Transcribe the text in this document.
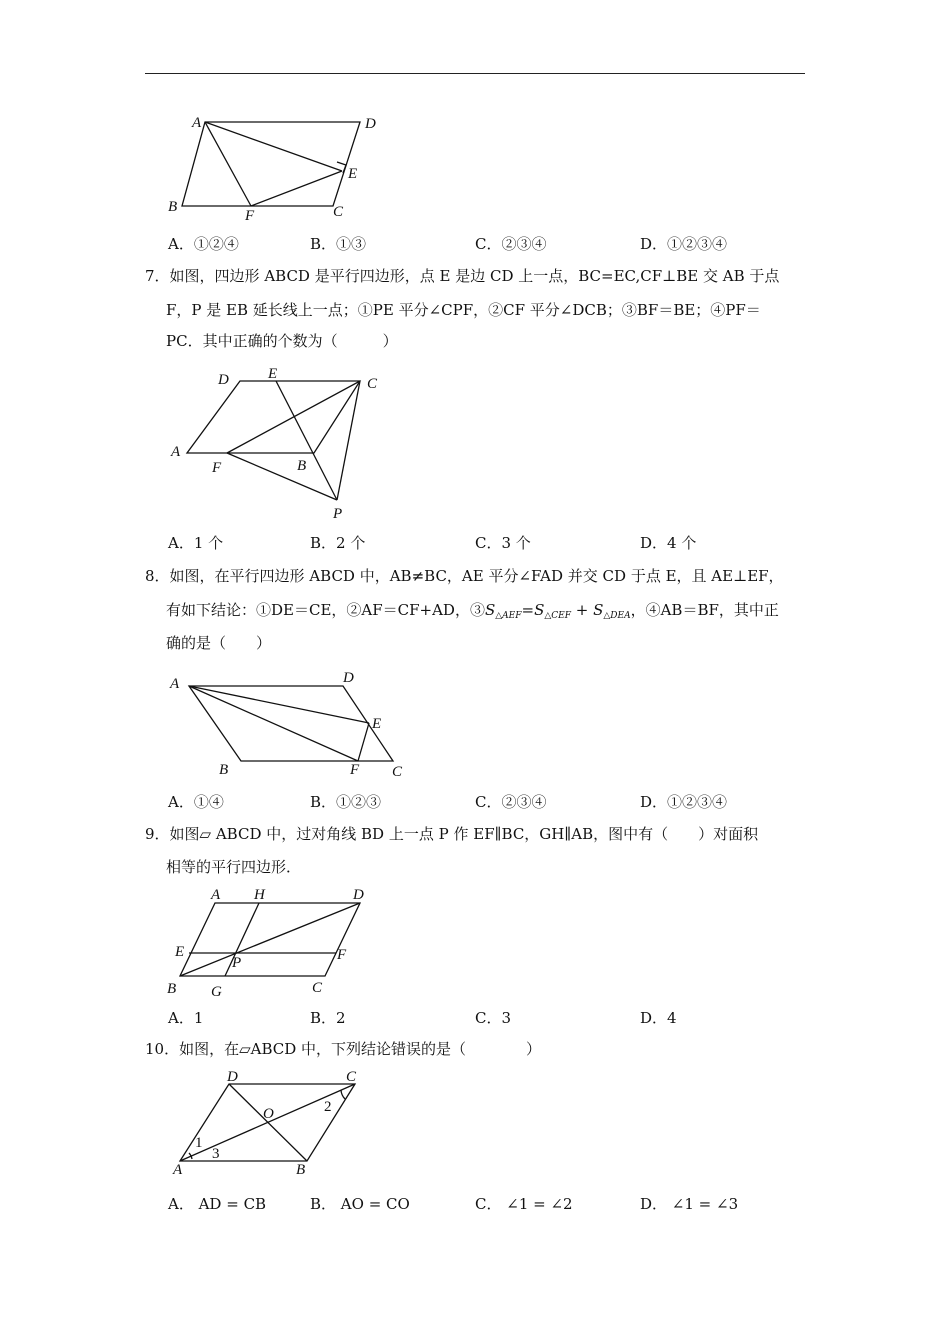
A	D
E
B
F	C
A．①②④	B．①③	C．②③④	D．①②③④
7．如图，四边形 ABCD 是平行四边形，点 E 是边 CD 上一点，BC=EC,CF⊥BE 交 AB 于点
F，P 是 EB 延长线上一点；①PE 平分∠CPF，②CF 平分∠DCB；③BF＝BE；④PF＝
PC．其中正确的个数为（　　　）
D	E
C
A
F	B
P
A．1 个	B．2 个	C．3 个	D．4 个
8．如图，在平行四边形 ABCD 中，AB≠BC，AE 平分∠FAD 并交 CD 于点 E，且 AE⊥EF，
有如下结论：①DE＝CE，②AF＝CF+AD，$③S_{\triangle AEF}=S_{\triangle CEF} + S_{\triangle DEA}$，④AB＝BF，其中正
确的是（　　）
A	D
E
B	F C
A．①④	B．①②③	C．②③④	D．①②③④
9．如图▱ ABCD 中，过对角线 BD 上一点 P 作 EF∥BC，GH∥AB，图中有（　　）对面积
相等的平行四边形．
A H	D
E
P	F
B G	C
A．1	B．2	C．3	D．4
10．如图，在▱ABCD 中，下列结论错误的是（　　　　）
D	C
O	2
1
3
A	B
A． AD = CB	B． AO = CO	C． ∠1 = ∠2	D． ∠1 = ∠3
